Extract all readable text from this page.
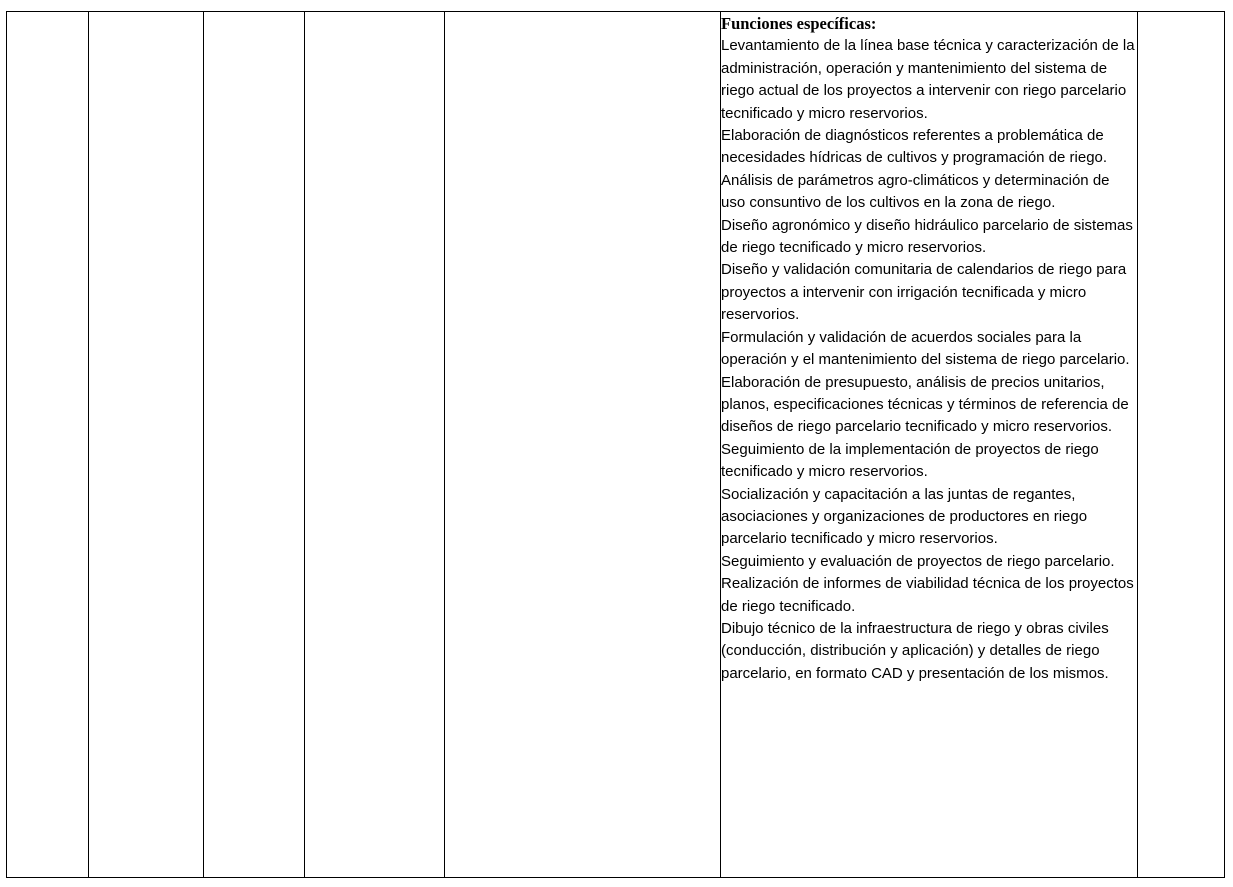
Funciones específicas:

Levantamiento de la línea base técnica y caracterización de la administración, operación y mantenimiento del sistema de riego actual de los proyectos a intervenir con riego parcelario tecnificado y micro reservorios.
Elaboración de diagnósticos referentes a problemática de necesidades hídricas de cultivos y programación de riego.
Análisis de parámetros agro-climáticos y determinación de uso consuntivo de los cultivos en la zona de riego.
Diseño agronómico y diseño hidráulico parcelario de sistemas de riego tecnificado y micro reservorios.
Diseño y validación comunitaria de calendarios de riego para proyectos a intervenir con irrigación tecnificada y micro reservorios.
Formulación y validación de acuerdos sociales para la operación y el mantenimiento del sistema de riego parcelario.
Elaboración de presupuesto, análisis de precios unitarios, planos, especificaciones técnicas y términos de referencia de diseños de riego parcelario tecnificado y micro reservorios.
Seguimiento de la implementación de proyectos de riego tecnificado y micro reservorios.
Socialización y capacitación a las juntas de regantes, asociaciones y organizaciones de productores en riego parcelario tecnificado y micro reservorios.
Seguimiento y evaluación de proyectos de riego parcelario.
Realización de informes de viabilidad técnica de los proyectos de riego tecnificado.
Dibujo técnico de la infraestructura de riego y obras civiles (conducción, distribución y aplicación) y detalles de riego parcelario, en formato CAD y presentación de los mismos.
